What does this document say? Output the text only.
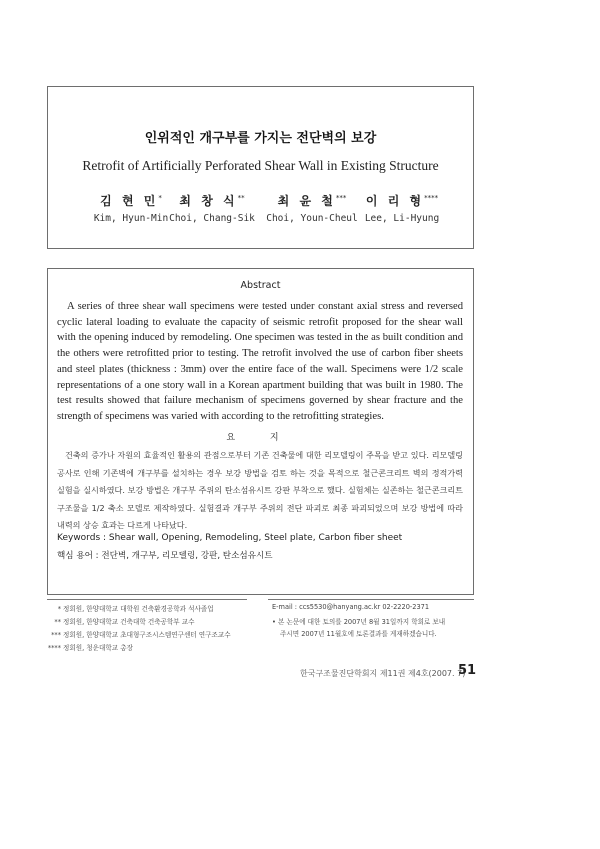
인위적인 개구부를 가지는 전단벽의 보강
Retrofit of Artificially Perforated Shear Wall in Existing Structure
김 현 민*
Kim, Hyun-Min
최 창 식**
Choi, Chang-Sik
최 윤 철***
Choi, Youn-Cheul
이 리 형****
Lee, Li-Hyung
Abstract

A series of three shear wall specimens were tested under constant axial stress and reversed cyclic lateral loading to evaluate the capacity of seismic retrofit proposed for the shear wall with the opening induced by remodeling. One specimen was tested in the as built condition and the others were retrofitted prior to testing. The retrofit involved the use of carbon fiber sheets and steel plates (thickness : 3mm) over the entire face of the wall. Specimens were 1/2 scale representations of a one story wall in a Korean apartment building that was built in 1980. The test results showed that failure mechanism of specimens governed by shear fracture and the strength of specimens was varied with according to the retrofitting strategies.

요 지

건축의 증가나 자원의 효율적인 활용의 관점으로부터 기존 건축물에 대한 리모델링이 주목을 받고 있다. 리모델링 공사로 인해 기존벽에 개구부를 설치하는 경우 보강 방법을 검토 하는 것을 목적으로 철근콘크리트 벽의 정적가력 실험을 실시하였다. 보강 방법은 개구부 주위의 탄소섬유시트 강판 부착으로 했다. 실험체는 실존하는 철근콘크리트 구조물을 1/2 축소 모델로 제작하였다. 실험결과 개구부 주위의 전단 파괴로 최종 파괴되었으며 보강 방법에 따라 내력의 상승 효과는 다르게 나타났다.

Keywords : Shear wall, Opening, Remodeling, Steel plate, Carbon fiber sheet
핵심 용어 : 전단벽, 개구부, 리모델링, 강판, 탄소섬유시트
* 정회원, 한양대학교 대학원 건축환경공학과 석사졸업
** 정회원, 한양대학교 건축대학 건축공학부 교수
*** 정회원, 한양대학교 초대형구조시스템연구센터 연구조교수
**** 정회원, 청운대학교 총장
E-mail : ccs5530@hanyang.ac.kr 02-2220-2371
• 본 논문에 대한 토의를 2007년 8월 31일까지 학회로 보내
주시면 2007년 11월호에 토론결과를 게재하겠습니다.
한국구조물진단학회지 제11권 제4호(2007. 7)
51
